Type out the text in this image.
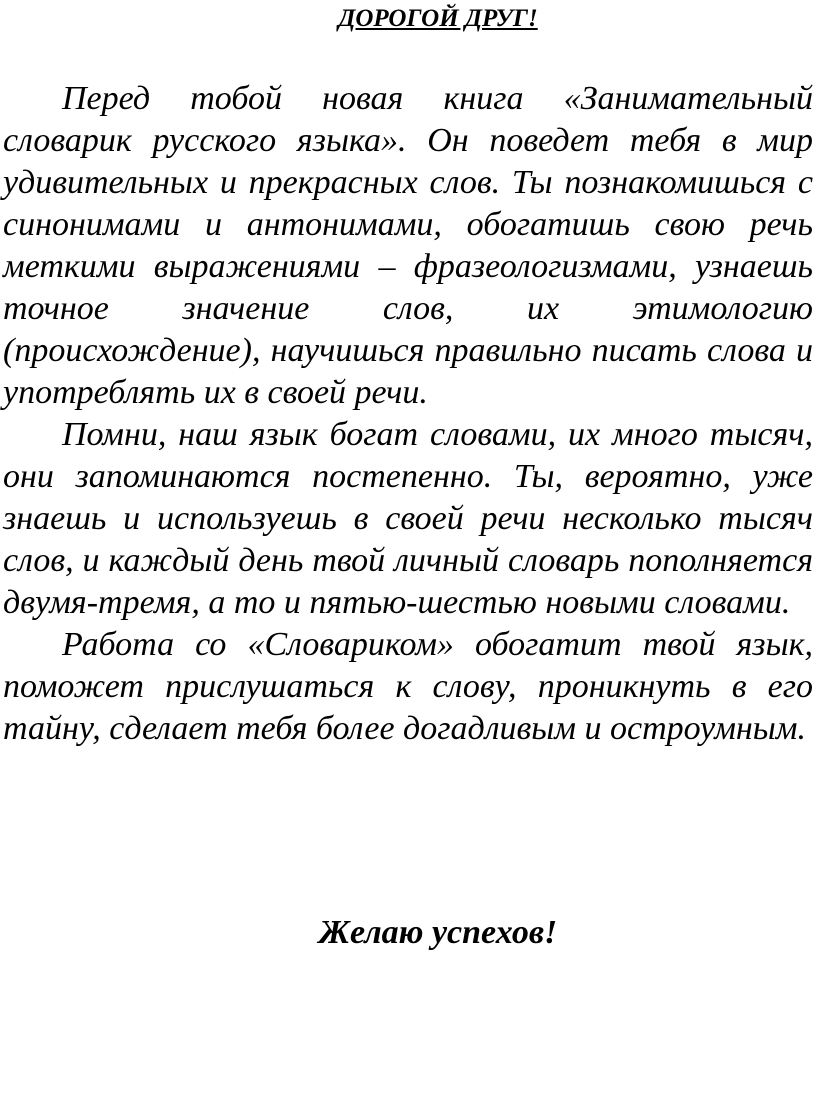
ДОРОГОЙ ДРУГ!

Перед тобой новая книга «Занимательный словарик русского языка». Он поведет тебя в мир удивительных и прекрасных слов. Ты познакомишься с синонимами и антонимами, обогатишь свою речь меткими выражениями – фразеологизмами, узнаешь точное значение слов, их этимологию (происхождение), научишься правильно писать слова и употреблять их в своей речи.

Помни, наш язык богат словами, их много тысяч, они запоминаются постепенно. Ты, вероятно, уже знаешь и используешь в своей речи несколько тысяч слов, и каждый день твой личный словарь пополняется двумя-тремя, а то и пятью-шестью новыми словами.

Работа со «Словариком» обогатит твой язык, поможет прислушаться к слову, проникнуть в его тайну, сделает тебя более догадливым и остроумным.

Желаю успехов!
